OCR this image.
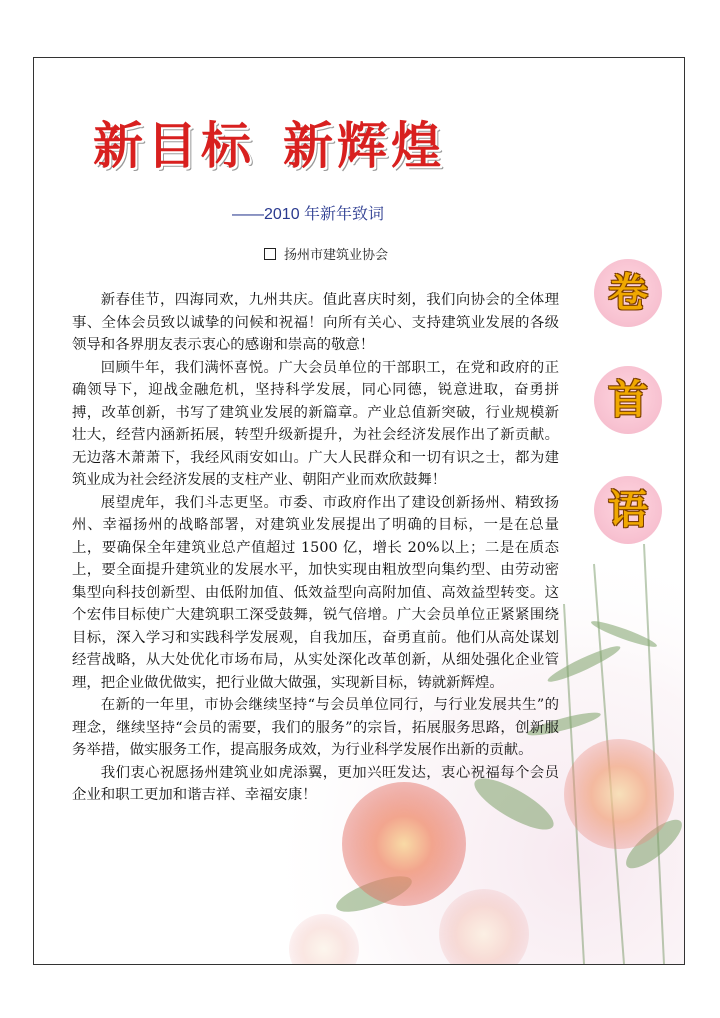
新目标 新辉煌
——2010 年新年致词
扬州市建筑业协会

新春佳节，四海同欢，九州共庆。值此喜庆时刻，我们向协会的全体理事、全体会员致以诚挚的问候和祝福！向所有关心、支持建筑业发展的各级领导和各界朋友表示衷心的感谢和崇高的敬意！

回顾牛年，我们满怀喜悦。广大会员单位的干部职工，在党和政府的正确领导下，迎战金融危机，坚持科学发展，同心同德，锐意进取，奋勇拼搏，改革创新，书写了建筑业发展的新篇章。产业总值新突破，行业规模新壮大，经营内涵新拓展，转型升级新提升，为社会经济发展作出了新贡献。无边落木萧萧下，我经风雨安如山。广大人民群众和一切有识之士，都为建筑业成为社会经济发展的支柱产业、朝阳产业而欢欣鼓舞！

展望虎年，我们斗志更坚。市委、市政府作出了建设创新扬州、精致扬州、幸福扬州的战略部署，对建筑业发展提出了明确的目标，一是在总量上，要确保全年建筑业总产值超过 1500 亿，增长 20%以上；二是在质态上，要全面提升建筑业的发展水平，加快实现由粗放型向集约型、由劳动密集型向科技创新型、由低附加值、低效益型向高附加值、高效益型转变。这个宏伟目标使广大建筑职工深受鼓舞，锐气倍增。广大会员单位正紧紧围绕目标，深入学习和实践科学发展观，自我加压，奋勇直前。他们从高处谋划经营战略，从大处优化市场布局，从实处深化改革创新，从细处强化企业管理，把企业做优做实，把行业做大做强，实现新目标，铸就新辉煌。

在新的一年里，市协会继续坚持“与会员单位同行，与行业发展共生”的理念，继续坚持“会员的需要，我们的服务”的宗旨，拓展服务思路，创新服务举措，做实服务工作，提高服务成效，为行业科学发展作出新的贡献。

我们衷心祝愿扬州建筑业如虎添翼，更加兴旺发达，衷心祝福每个会员企业和职工更加和谐吉祥、幸福安康！

卷
首
语
